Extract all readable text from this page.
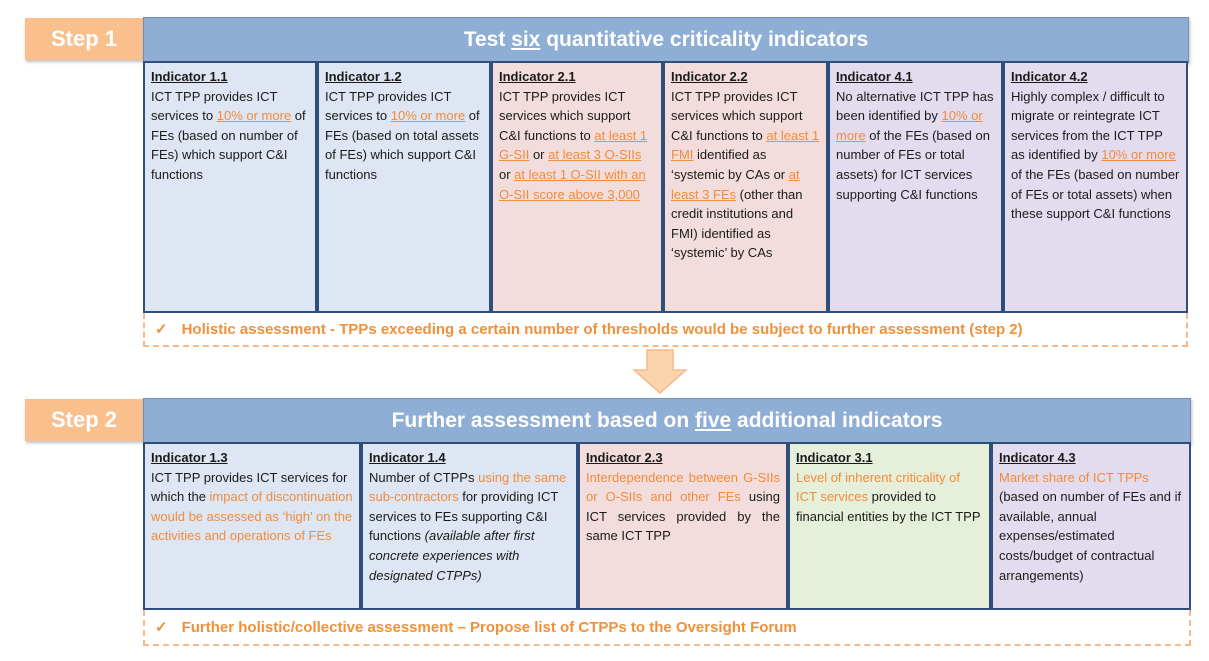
Step 1	Test six quantitative criticality indicators
Indicator 1.1
ICT TPP provides ICT services to 10% or more of FEs (based on number of FEs) which support C&I functions
Indicator 1.2
ICT TPP provides ICT services to 10% or more of FEs (based on total assets of FEs) which support C&I functions
Indicator 2.1
ICT TPP provides ICT services which support C&I functions to at least 1 G-SII or at least 3 O-SIIs or at least 1 O-SII with an O-SII score above 3,000
Indicator 2.2
ICT TPP provides ICT services which support C&I functions to at least 1 FMI identified as ‘systemic by CAs or at least 3 FEs (other than credit institutions and FMI) identified as ‘systemic’ by CAs
Indicator 4.1
No alternative ICT TPP has been identified by 10% or more of the FEs (based on number of FEs or total assets) for ICT services supporting C&I functions
Indicator 4.2
Highly complex / difficult to migrate or reintegrate ICT services from the ICT TPP as identified by 10% or more of the FEs (based on number of FEs or total assets) when these support C&I functions
✓ Holistic assessment - TPPs exceeding a certain number of thresholds would be subject to further assessment (step 2)
Step 2	Further assessment based on five additional indicators
Indicator 1.3
ICT TPP provides ICT services for which the impact of discontinuation would be assessed as ‘high’ on the activities and operations of FEs
Indicator 1.4
Number of CTPPs using the same sub-contractors for providing ICT services to FEs supporting C&I functions (available after first concrete experiences with designated CTPPs)
Indicator 2.3
Interdependence between G-SIIs or O-SIIs and other FEs using ICT services provided by the same ICT TPP
Indicator 3.1
Level of inherent criticality of ICT services provided to financial entities by the ICT TPP
Indicator 4.3
Market share of ICT TPPs (based on number of FEs and if available, annual expenses/estimated costs/budget of contractual arrangements)
✓ Further holistic/collective assessment – Propose list of CTPPs to the Oversight Forum
